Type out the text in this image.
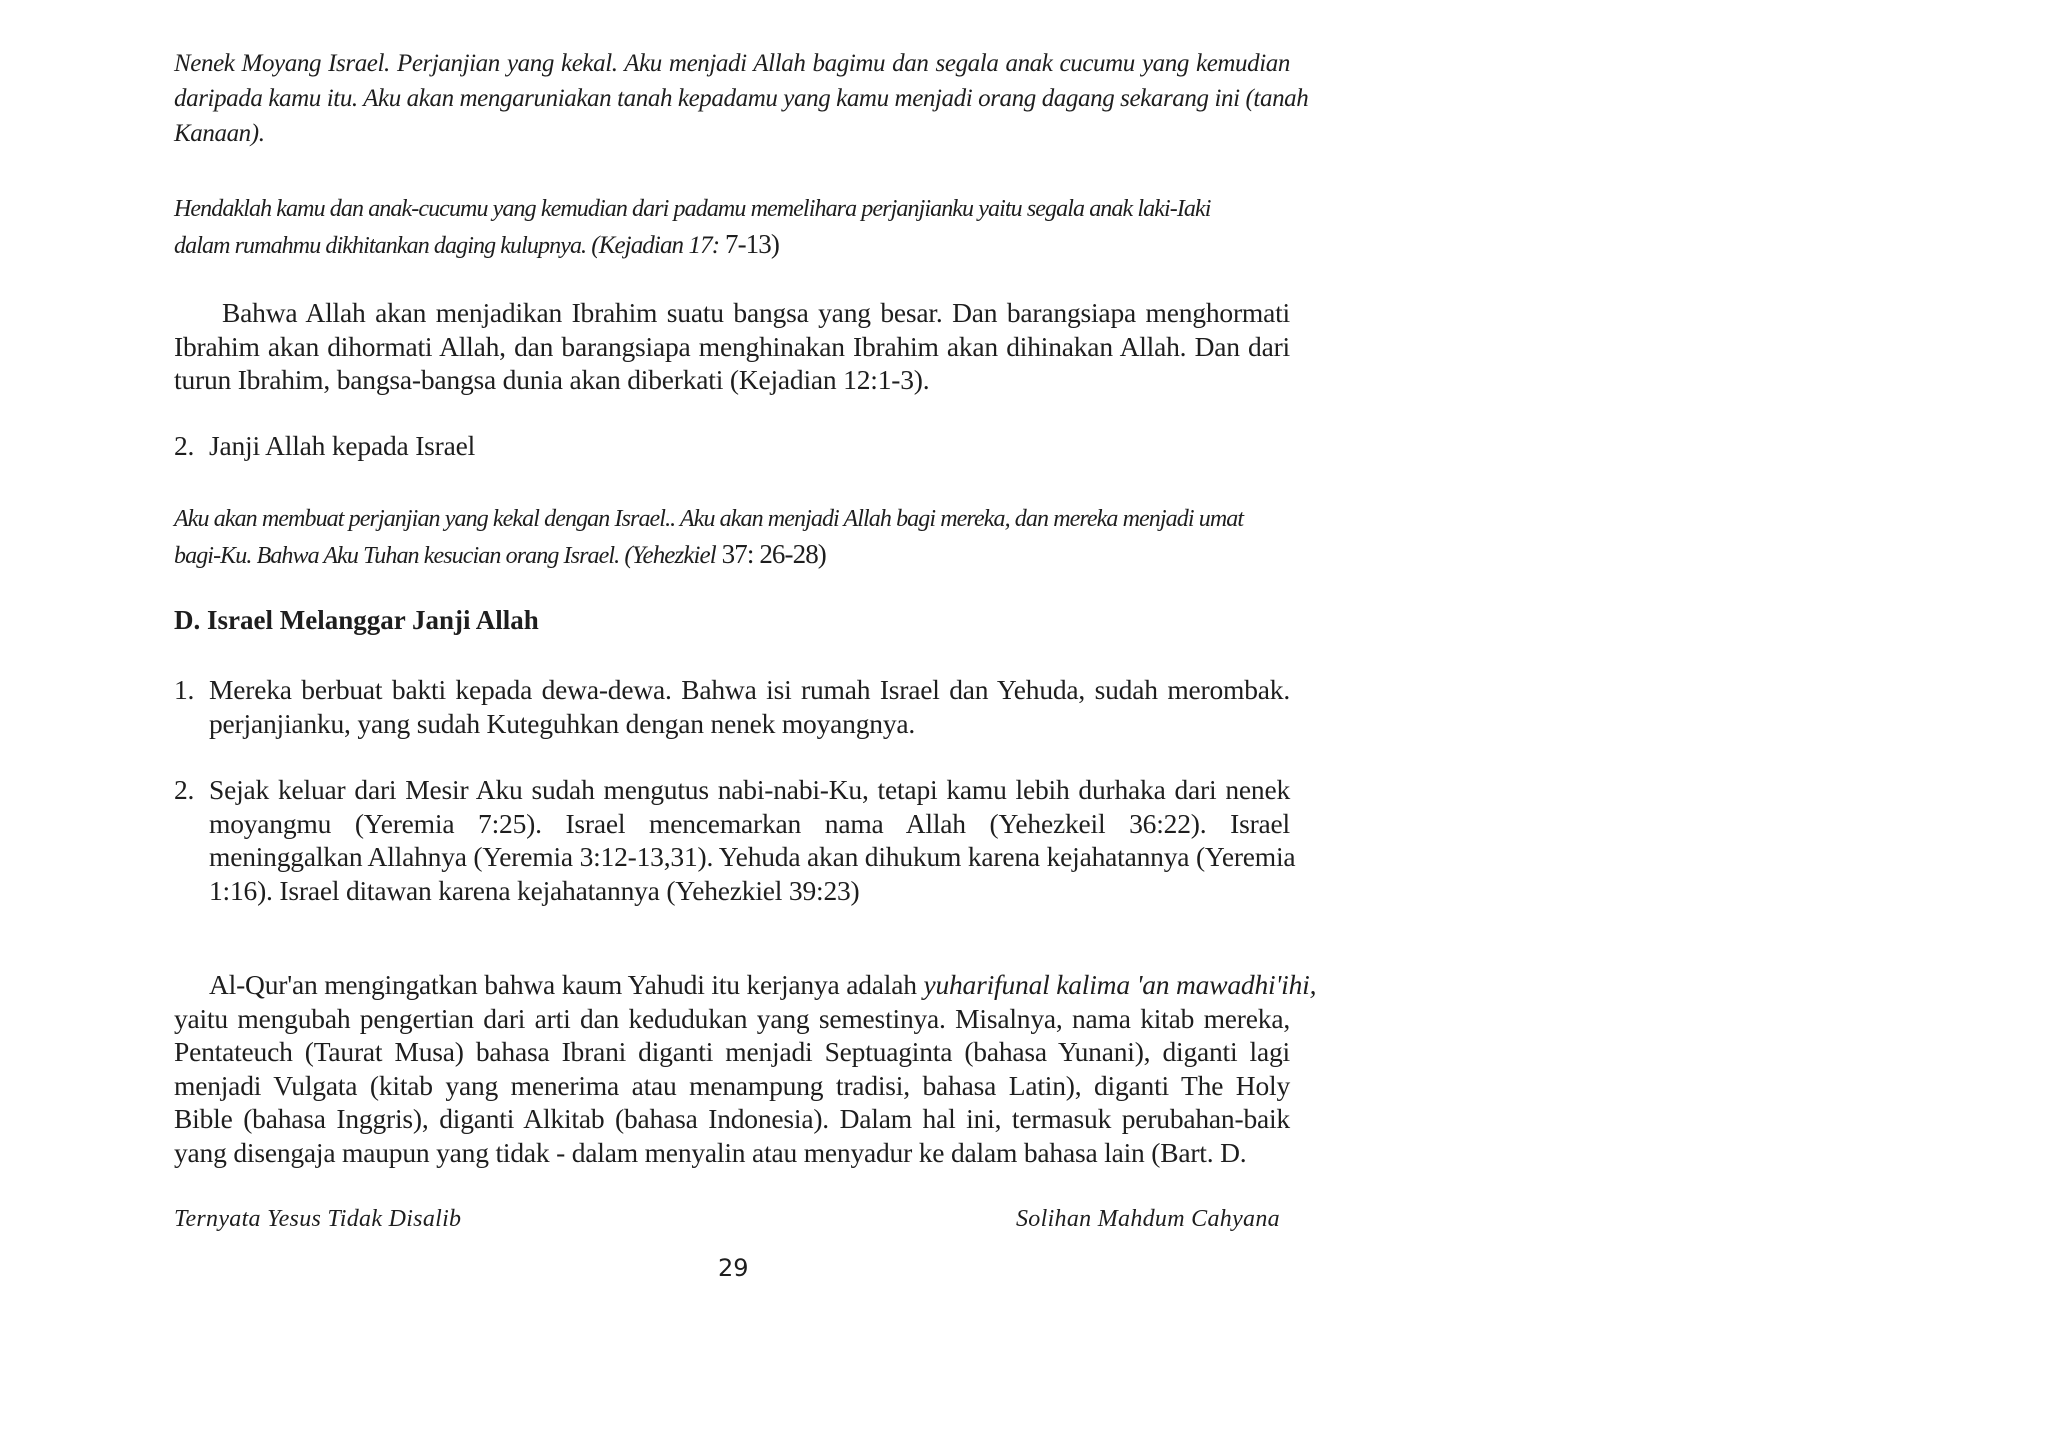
Nenek Moyang Israel. Perjanjian yang kekal. Aku menjadi Allah bagimu dan segala anak cucumu yang kemudian
daripada kamu itu. Aku akan mengaruniakan tanah kepadamu yang kamu menjadi orang dagang sekarang ini (tanah
Kanaan).
Hendaklah kamu dan anak-cucumu yang kemudian dari padamu memelihara perjanjianku yaitu segala anak laki-Iaki
dalam rumahmu dikhitankan daging kulupnya. (Kejadian 17: 7-13)
Bahwa Allah akan menjadikan Ibrahim suatu bangsa yang besar. Dan barangsiapa menghormati
Ibrahim akan dihormati Allah, dan barangsiapa menghinakan Ibrahim akan dihinakan Allah. Dan dari
turun Ibrahim, bangsa-bangsa dunia akan diberkati (Kejadian 12:1-3).
2. Janji Allah kepada Israel
Aku akan membuat perjanjian yang kekal dengan Israel.. Aku akan menjadi Allah bagi mereka, dan mereka menjadi umat
bagi-Ku. Bahwa Aku Tuhan kesucian orang Israel. (Yehezkiel 37: 26-28)
D. Israel Melanggar Janji Allah
1. Mereka berbuat bakti kepada dewa-dewa. Bahwa isi rumah Israel dan Yehuda, sudah merombak.
perjanjianku, yang sudah Kuteguhkan dengan nenek moyangnya.
2. Sejak keluar dari Mesir Aku sudah mengutus nabi-nabi-Ku, tetapi kamu lebih durhaka dari nenek
moyangmu (Yeremia 7:25). Israel mencemarkan nama Allah (Yehezkeil 36:22). Israel
meninggalkan Allahnya (Yeremia 3:12-13,31). Yehuda akan dihukum karena kejahatannya (Yeremia
1:16). Israel ditawan karena kejahatannya (Yehezkiel 39:23)
Al-Qur'an mengingatkan bahwa kaum Yahudi itu kerjanya adalah yuharifunal kalima 'an mawadhi'ihi,
yaitu mengubah pengertian dari arti dan kedudukan yang semestinya. Misalnya, nama kitab mereka,
Pentateuch (Taurat Musa) bahasa Ibrani diganti menjadi Septuaginta (bahasa Yunani), diganti lagi
menjadi Vulgata (kitab yang menerima atau menampung tradisi, bahasa Latin), diganti The Holy
Bible (bahasa Inggris), diganti Alkitab (bahasa Indonesia). Dalam hal ini, termasuk perubahan-baik
yang disengaja maupun yang tidak - dalam menyalin atau menyadur ke dalam bahasa lain (Bart. D.
Ternyata Yesus Tidak Disalib	Solihan Mahdum Cahyana
29
